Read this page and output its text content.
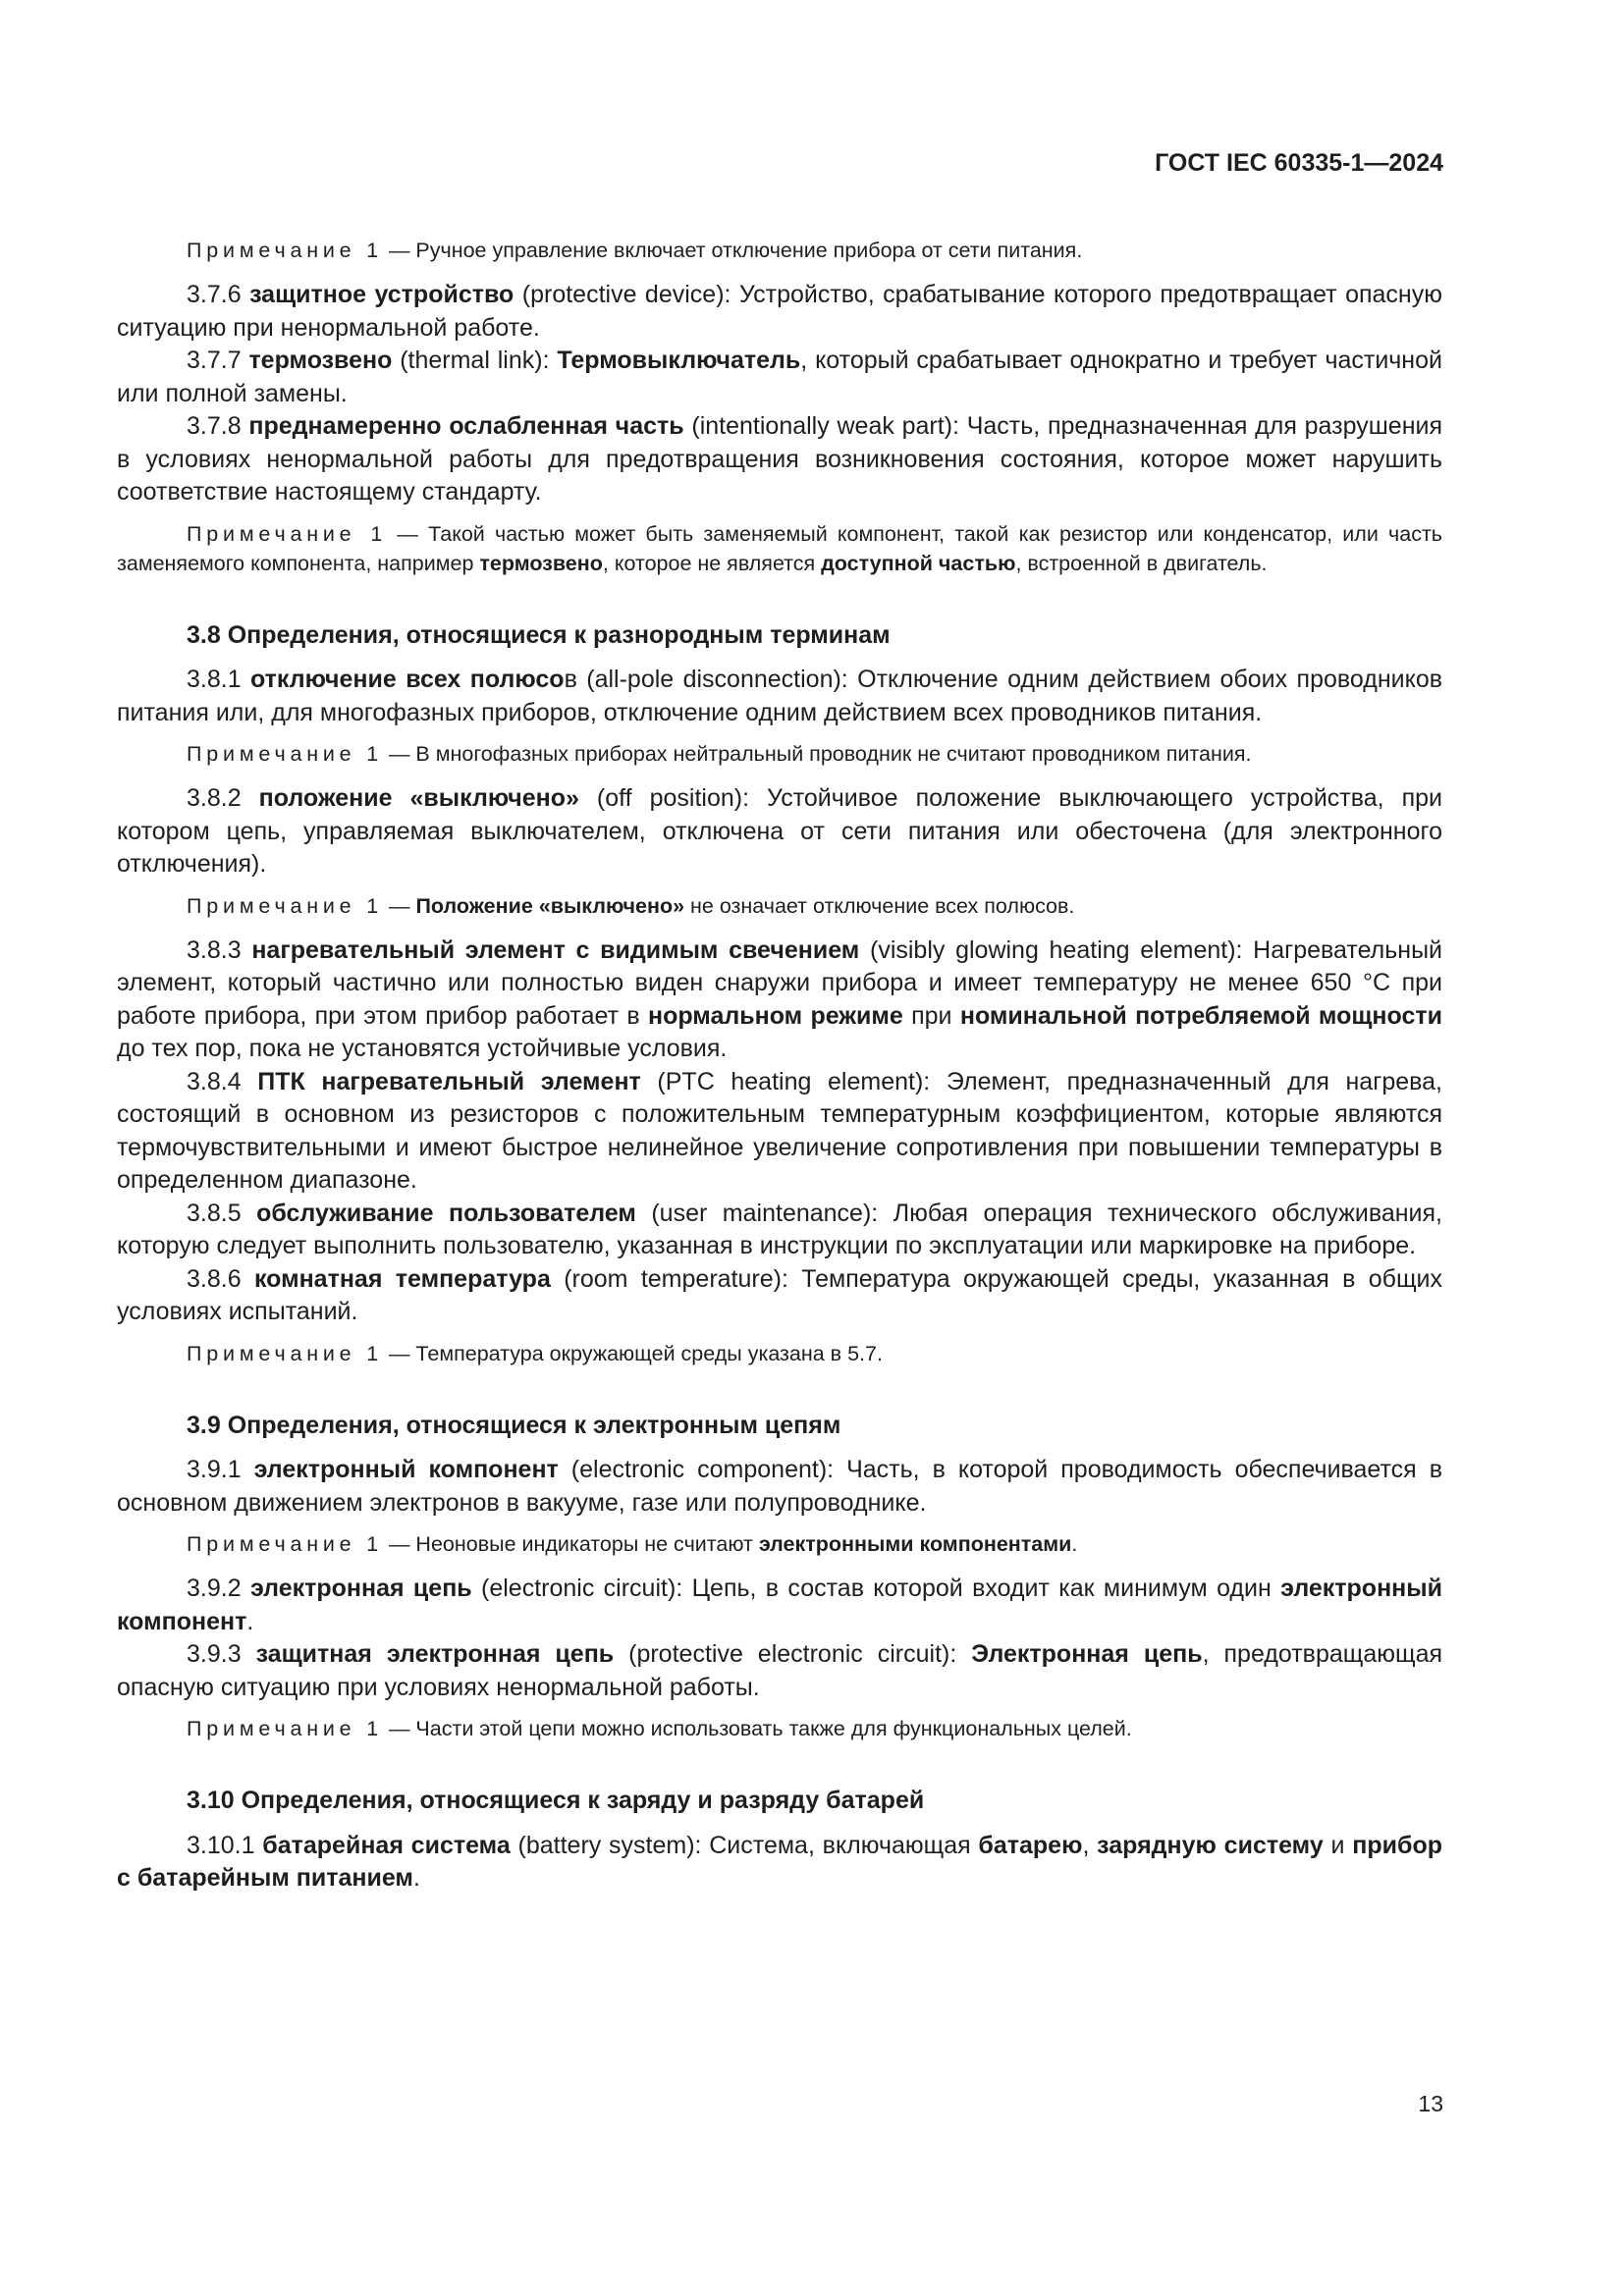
ГОСТ IEC 60335-1—2024

Примечание 1 — Ручное управление включает отключение прибора от сети питания.

3.7.6 защитное устройство (protective device): Устройство, срабатывание которого предотвращает опасную ситуацию при ненормальной работе.

3.7.7 термозвено (thermal link): Термовыключатель, который срабатывает однократно и требует частичной или полной замены.

3.7.8 преднамеренно ослабленная часть (intentionally weak part): Часть, предназначенная для разрушения в условиях ненормальной работы для предотвращения возникновения состояния, которое может нарушить соответствие настоящему стандарту.

Примечание 1 — Такой частью может быть заменяемый компонент, такой как резистор или конденсатор, или часть заменяемого компонента, например термозвено, которое не является доступной частью, встроенной в двигатель.

3.8 Определения, относящиеся к разнородным терминам

3.8.1 отключение всех полюсов (all-pole disconnection): Отключение одним действием обоих проводников питания или, для многофазных приборов, отключение одним действием всех проводников питания.

Примечание 1 — В многофазных приборах нейтральный проводник не считают проводником питания.

3.8.2 положение «выключено» (off position): Устойчивое положение выключающего устройства, при котором цепь, управляемая выключателем, отключена от сети питания или обесточена (для электронного отключения).

Примечание 1 — Положение «выключено» не означает отключение всех полюсов.

3.8.3 нагревательный элемент с видимым свечением (visibly glowing heating element): Нагревательный элемент, который частично или полностью виден снаружи прибора и имеет температуру не менее 650 °С при работе прибора, при этом прибор работает в нормальном режиме при номинальной потребляемой мощности до тех пор, пока не установятся устойчивые условия.

3.8.4 ПТК нагревательный элемент (PTC heating element): Элемент, предназначенный для нагрева, состоящий в основном из резисторов с положительным температурным коэффициентом, которые являются термочувствительными и имеют быстрое нелинейное увеличение сопротивления при повышении температуры в определенном диапазоне.

3.8.5 обслуживание пользователем (user maintenance): Любая операция технического обслуживания, которую следует выполнить пользователю, указанная в инструкции по эксплуатации или маркировке на приборе.

3.8.6 комнатная температура (room temperature): Температура окружающей среды, указанная в общих условиях испытаний.

Примечание 1 — Температура окружающей среды указана в 5.7.

3.9 Определения, относящиеся к электронным цепям

3.9.1 электронный компонент (electronic component): Часть, в которой проводимость обеспечивается в основном движением электронов в вакууме, газе или полупроводнике.

Примечание 1 — Неоновые индикаторы не считают электронными компонентами.

3.9.2 электронная цепь (electronic circuit): Цепь, в состав которой входит как минимум один электронный компонент.

3.9.3 защитная электронная цепь (protective electronic circuit): Электронная цепь, предотвращающая опасную ситуацию при условиях ненормальной работы.

Примечание 1 — Части этой цепи можно использовать также для функциональных целей.

3.10 Определения, относящиеся к заряду и разряду батарей

3.10.1 батарейная система (battery system): Система, включающая батарею, зарядную систему и прибор с батарейным питанием.

13
